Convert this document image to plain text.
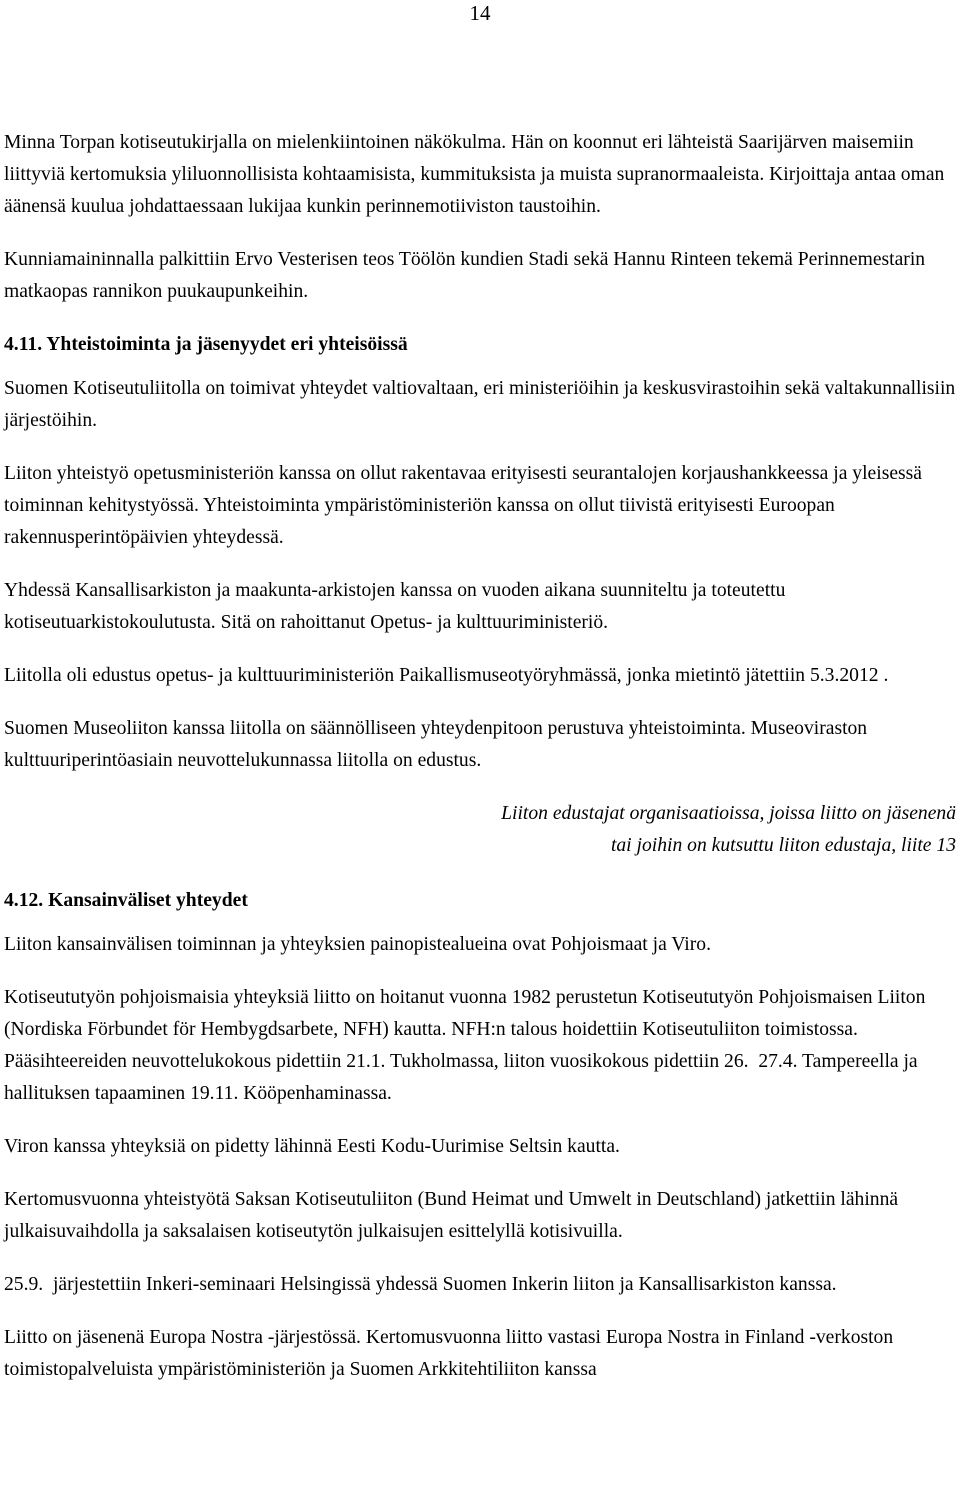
14

Minna Torpan kotiseutukirjalla on mielenkiintoinen näkökulma. Hän on koonnut eri lähteistä Saarijärven maisemiin liittyviä kertomuksia yliluonnollisista kohtaamisista, kummituksista ja muista supranormaaleista. Kirjoittaja antaa oman äänensä kuulua johdattaessaan lukijaa kunkin perinnemotiiviston taustoihin.

Kunniamaininnalla palkittiin Ervo Vesterisen teos Töölön kundien Stadi sekä Hannu Rinteen tekemä Perinnemestarin matkaopas rannikon puukaupunkeihin.

4.11. Yhteistoiminta ja jäsenyydet eri yhteisöissä

Suomen Kotiseutuliitolla on toimivat yhteydet valtiovaltaan, eri ministeriöihin ja keskusvirastoihin sekä valtakunnallisiin järjestöihin.

Liiton yhteistyö opetusministeriön kanssa on ollut rakentavaa erityisesti seurantalojen korjaushankkeessa ja yleisessä toiminnan kehitystyössä. Yhteistoiminta ympäristöministeriön kanssa on ollut tiivistä erityisesti Euroopan rakennusperintöpäivien yhteydessä.

Yhdessä Kansallisarkiston ja maakunta-arkistojen kanssa on vuoden aikana suunniteltu ja toteutettu kotiseutuarkistokoulutusta. Sitä on rahoittanut Opetus- ja kulttuuriministeriö.

Liitolla oli edustus opetus- ja kulttuuriministeriön Paikallismuseotyöryhmässä, jonka mietintö jätettiin 5.3.2012 .

Suomen Museoliiton kanssa liitolla on säännölliseen yhteydenpitoon perustuva yhteistoiminta. Museoviraston kulttuuriperintöasiain neuvottelukunnassa liitolla on edustus.

Liiton edustajat organisaatioissa, joissa liitto on jäsenenä

tai joihin on kutsuttu liiton edustaja, liite 13

4.12. Kansainväliset yhteydet

Liiton kansainvälisen toiminnan ja yhteyksien painopistealueina ovat Pohjoismaat ja Viro.

Kotiseututyön pohjoismaisia yhteyksiä liitto on hoitanut vuonna 1982 perustetun Kotiseututyön Pohjoismaisen Liiton (Nordiska Förbundet för Hembygdsarbete, NFH) kautta. NFH:n talous hoidettiin Kotiseutuliiton toimistossa. Pääsihteereiden neuvottelukokous pidettiin 21.1. Tukholmassa, liiton vuosikokous pidettiin 26.  27.4. Tampereella ja hallituksen tapaaminen 19.11. Kööpenhaminassa.

Viron kanssa yhteyksiä on pidetty lähinnä Eesti Kodu-Uurimise Seltsin kautta.

Kertomusvuonna yhteistyötä Saksan Kotiseutuliiton (Bund Heimat und Umwelt in Deutschland) jatkettiin lähinnä julkaisuvaihdolla ja saksalaisen kotiseutytön julkaisujen esittelyllä kotisivuilla.

25.9.  järjestettiin Inkeri-seminaari Helsingissä yhdessä Suomen Inkerin liiton ja Kansallisarkiston kanssa.

Liitto on jäsenenä Europa Nostra -järjestössä. Kertomusvuonna liitto vastasi Europa Nostra in Finland -verkoston toimistopalveluista ympäristöministeriön ja Suomen Arkkitehtiliiton kanssa
